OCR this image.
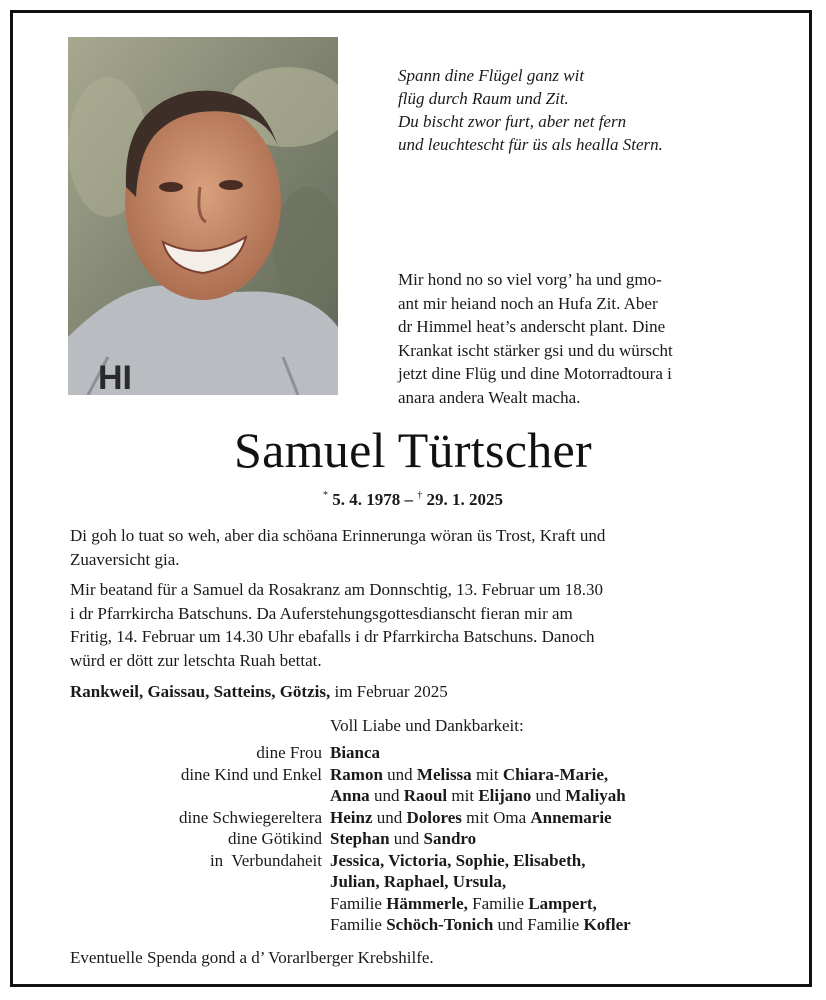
HI
Spann dine Flügel ganz wit
flüg durch Raum und Zit.
Du bischt zwor furt, aber net fern
und leuchtescht für üs als healla Stern.
Mir hond no so viel vorg’ ha und gmo-
ant mir heiand noch an Hufa Zit. Aber
dr Himmel heat’s anderscht plant. Dine
Krankat ischt stärker gsi und du würscht
jetzt dine Flüg und dine Motorradtoura i
anara andera Wealt macha.
Samuel Türtscher
* 5. 4. 1978 – † 29. 1. 2025
Di goh lo tuat so weh, aber dia schöana Erinnerunga wöran üs Trost, Kraft und
Zuaversicht gia.
Mir beatand für a Samuel da Rosakranz am Donnschtig, 13. Februar um 18.30
i dr Pfarrkircha Batschuns. Da Auferstehungsgottesdianscht fieran mir am
Fritig, 14. Februar um 14.30 Uhr ebafalls i dr Pfarrkircha Batschuns. Danoch
würd er dött zur letschta Ruah bettat.
Rankweil, Gaissau, Satteins, Götzis, im Februar 2025
Voll Liabe und Dankbarkeit:
dine Frou Bianca
dine Kind und Enkel Ramon und Melissa mit Chiara-Marie,
Anna und Raoul mit Elijano und Maliyah
dine Schwiegereltera Heinz und Dolores mit Oma Annemarie
dine Götikind Stephan und Sandro
in  Verbundaheit Jessica, Victoria, Sophie, Elisabeth,
Julian, Raphael, Ursula,
Familie Hämmerle, Familie Lampert,
Familie Schöch-Tonich und Familie Kofler
Eventuelle Spenda gond a d’ Vorarlberger Krebshilfe.
